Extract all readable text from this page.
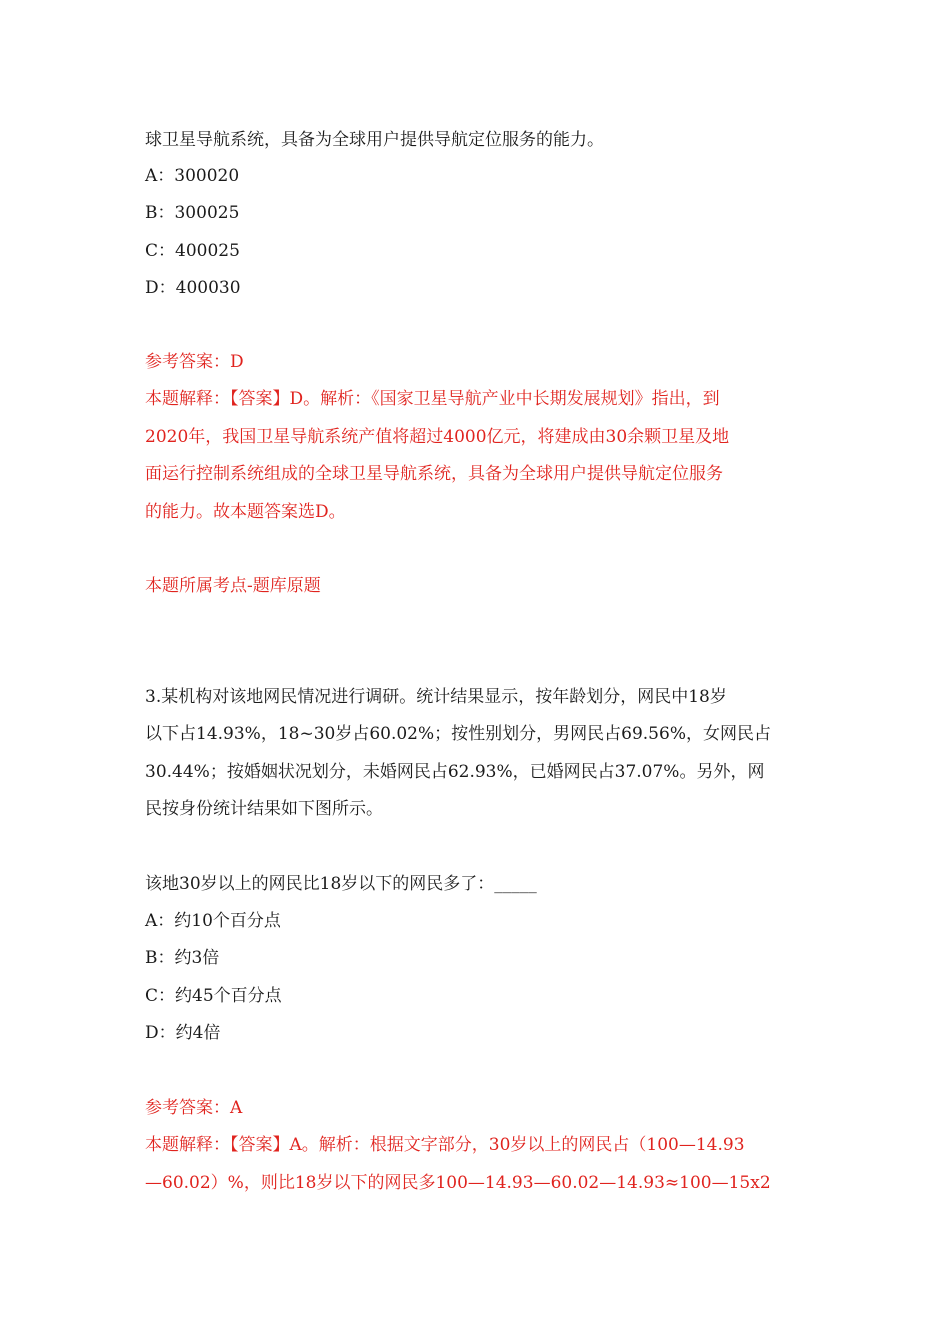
球卫星导航系统，具备为全球用户提供导航定位服务的能力。
A：300020
B：300025
C：400025
D：400030
参考答案：D
本题解释：【答案】D。解析：《国家卫星导航产业中长期发展规划》指出，到
2020年，我国卫星导航系统产值将超过4000亿元，将建成由30余颗卫星及地
面运行控制系统组成的全球卫星导航系统，具备为全球用户提供导航定位服务
的能力。故本题答案选D。
本题所属考点-题库原题
3.某机构对该地网民情况进行调研。统计结果显示，按年龄划分，网民中18岁
以下占14.93%，18~30岁占60.02%；按性别划分，男网民占69.56%，女网民占
30.44%；按婚姻状况划分，未婚网民占62.93%，已婚网民占37.07%。另外，网
民按身份统计结果如下图所示。
该地30岁以上的网民比18岁以下的网民多了：_____
A：约10个百分点
B：约3倍
C：约45个百分点
D：约4倍
参考答案：A
本题解释：【答案】A。解析：根据文字部分，30岁以上的网民占（100—14.93
—60.02）%，则比18岁以下的网民多100—14.93—60.02—14.93≈100—15x2
